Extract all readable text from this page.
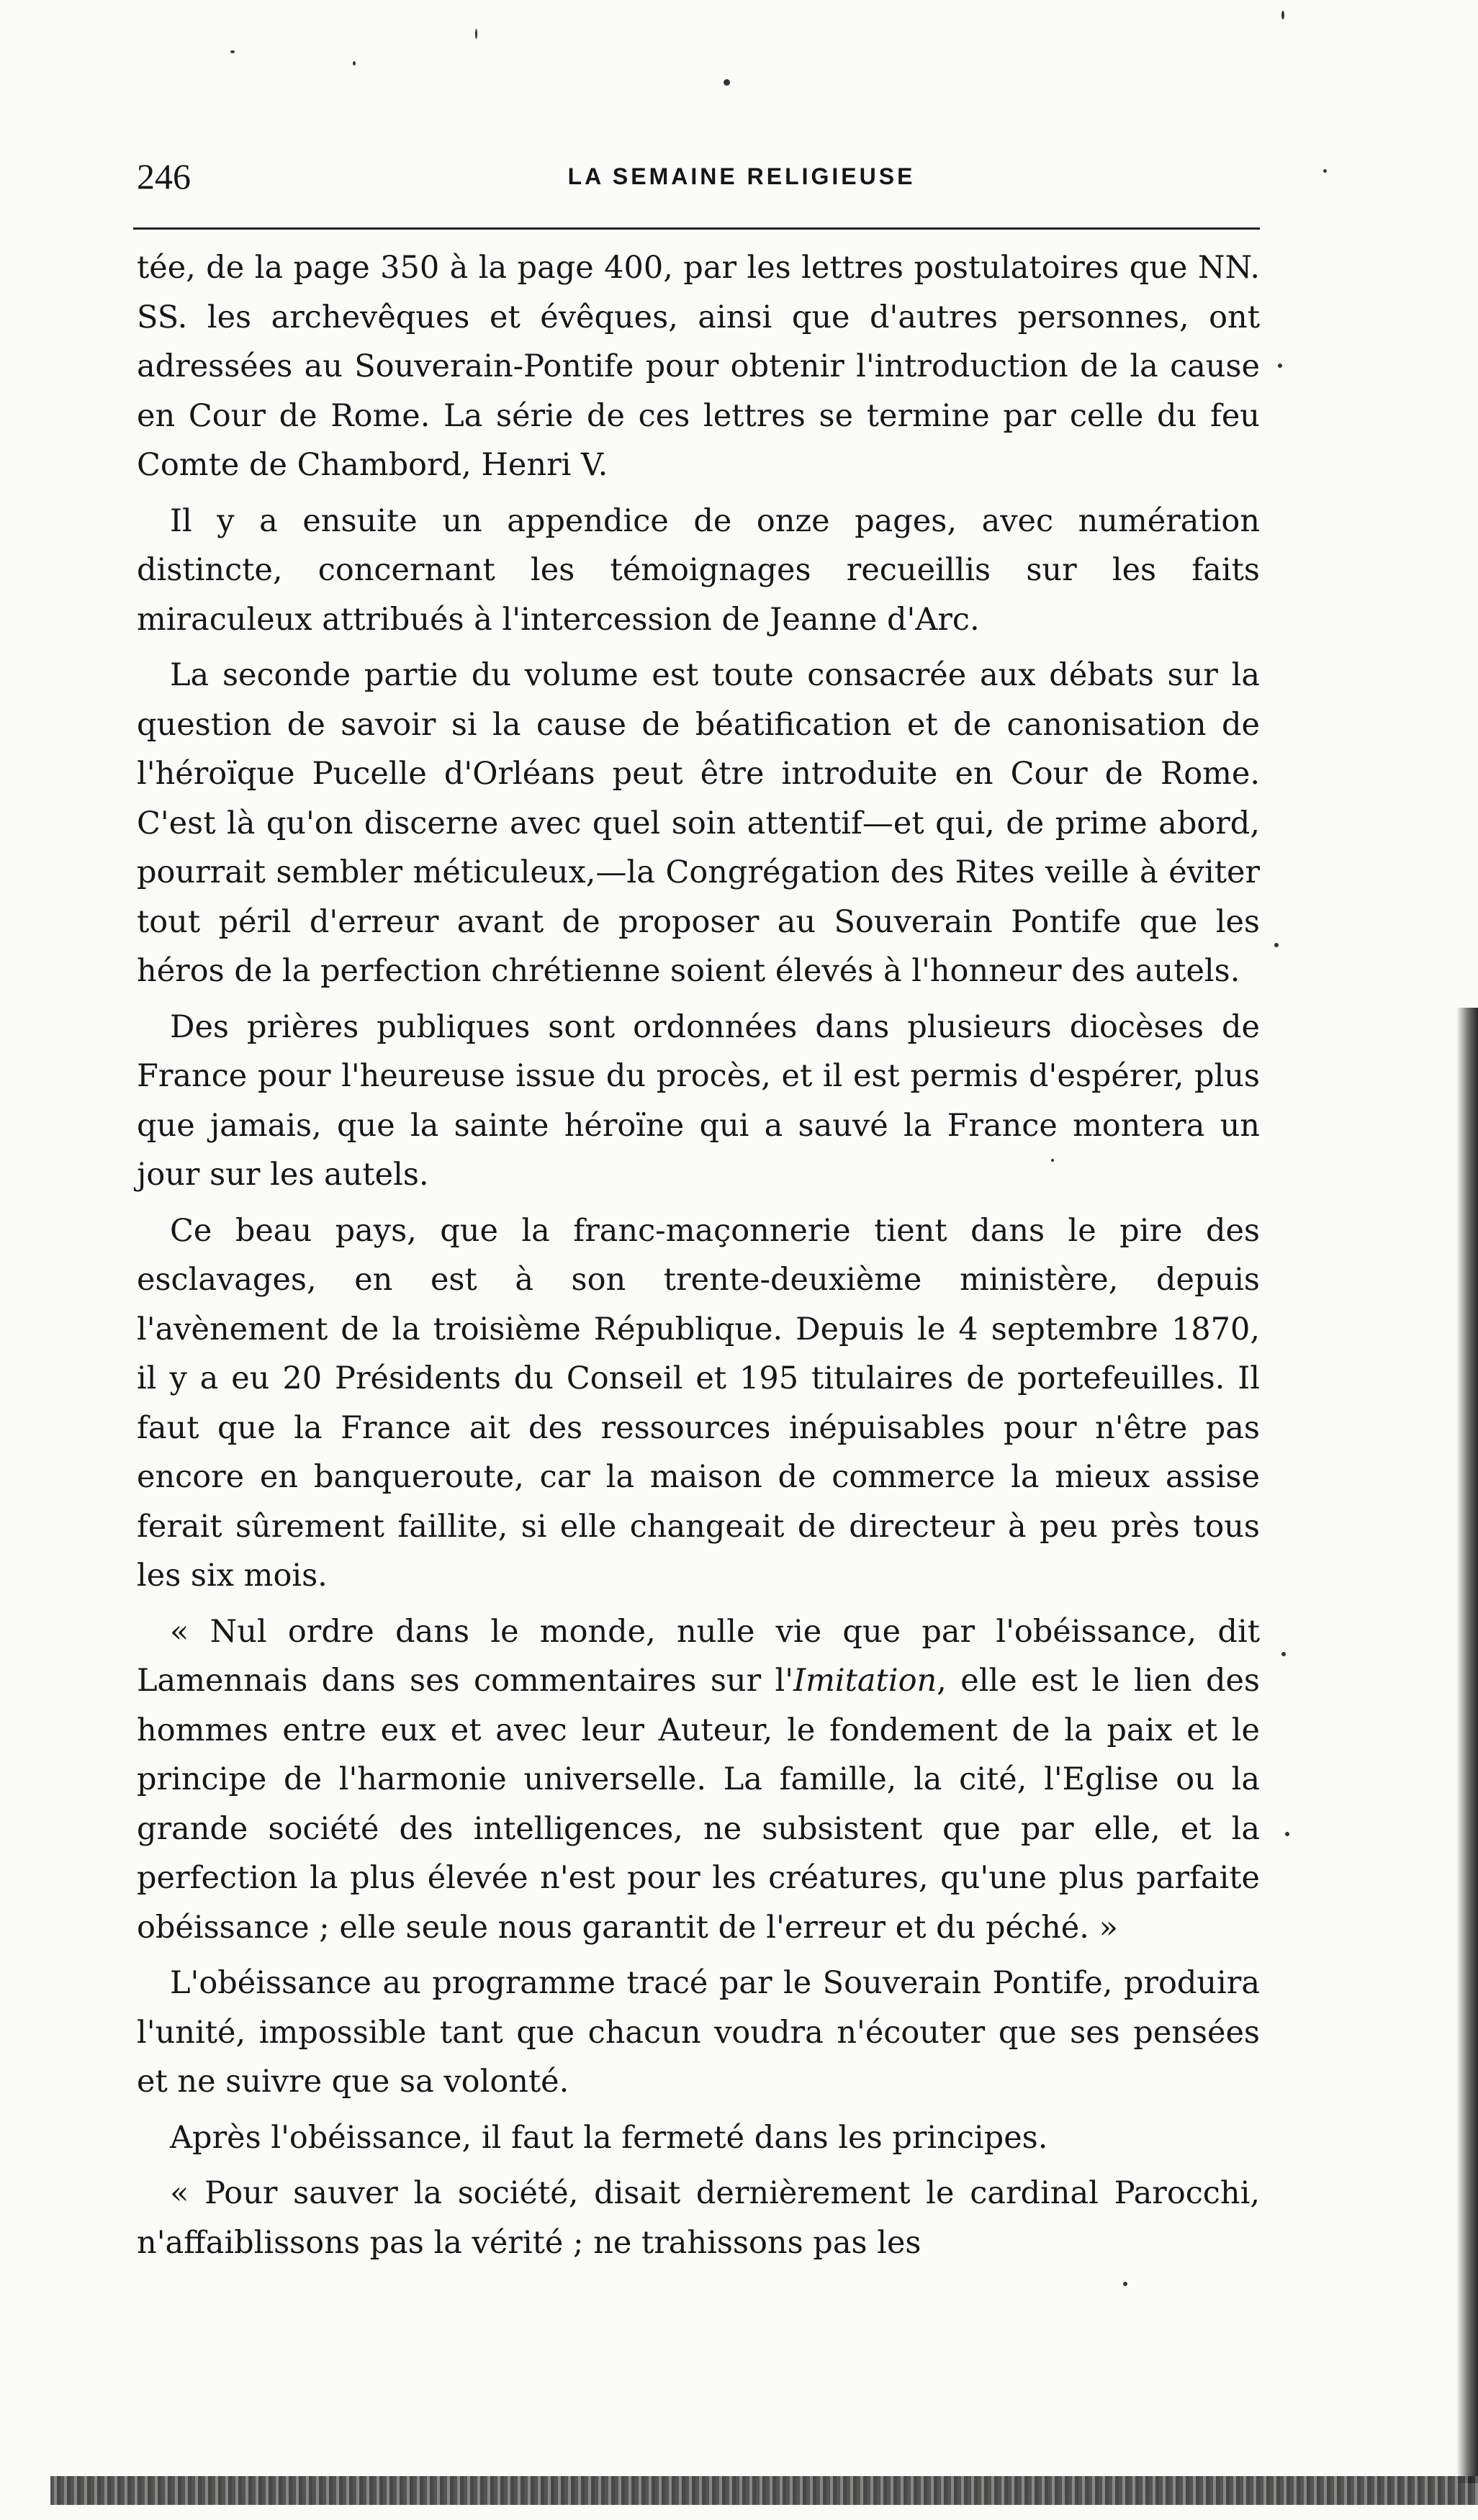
246	LA SEMAINE RELIGIEUSE

tée, de la page 350 à la page 400, par les lettres postulatoires que NN. SS. les archevêques et évêques, ainsi que d'autres personnes, ont adressées au Souverain-Pontife pour obtenir l'introduction de la cause en Cour de Rome. La série de ces lettres se termine par celle du feu Comte de Chambord, Henri V.

Il y a ensuite un appendice de onze pages, avec numération distincte, concernant les témoignages recueillis sur les faits miraculeux attribués à l'intercession de Jeanne d'Arc.

La seconde partie du volume est toute consacrée aux débats sur la question de savoir si la cause de béatification et de canonisation de l'héroïque Pucelle d'Orléans peut être introduite en Cour de Rome. C'est là qu'on discerne avec quel soin attentif—et qui, de prime abord, pourrait sembler méticuleux,—la Congrégation des Rites veille à éviter tout péril d'erreur avant de proposer au Souverain Pontife que les héros de la perfection chrétienne soient élevés à l'honneur des autels.

Des prières publiques sont ordonnées dans plusieurs diocèses de France pour l'heureuse issue du procès, et il est permis d'espérer, plus que jamais, que la sainte héroïne qui a sauvé la France montera un jour sur les autels.

Ce beau pays, que la franc-maçonnerie tient dans le pire des esclavages, en est à son trente-deuxième ministère, depuis l'avènement de la troisième République. Depuis le 4 septembre 1870, il y a eu 20 Présidents du Conseil et 195 titulaires de portefeuilles. Il faut que la France ait des ressources inépuisables pour n'être pas encore en banqueroute, car la maison de commerce la mieux assise ferait sûrement faillite, si elle changeait de directeur à peu près tous les six mois.

« Nul ordre dans le monde, nulle vie que par l'obéissance, dit Lamennais dans ses commentaires sur l'Imitation, elle est le lien des hommes entre eux et avec leur Auteur, le fondement de la paix et le principe de l'harmonie universelle. La famille, la cité, l'Eglise ou la grande société des intelligences, ne subsistent que par elle, et la perfection la plus élevée n'est pour les créatures, qu'une plus parfaite obéissance ; elle seule nous garantit de l'erreur et du péché. »

L'obéissance au programme tracé par le Souverain Pontife, produira l'unité, impossible tant que chacun voudra n'écouter que ses pensées et ne suivre que sa volonté.

Après l'obéissance, il faut la fermeté dans les principes.

« Pour sauver la société, disait dernièrement le cardinal Parocchi, n'affaiblissons pas la vérité ; ne trahissons pas les
